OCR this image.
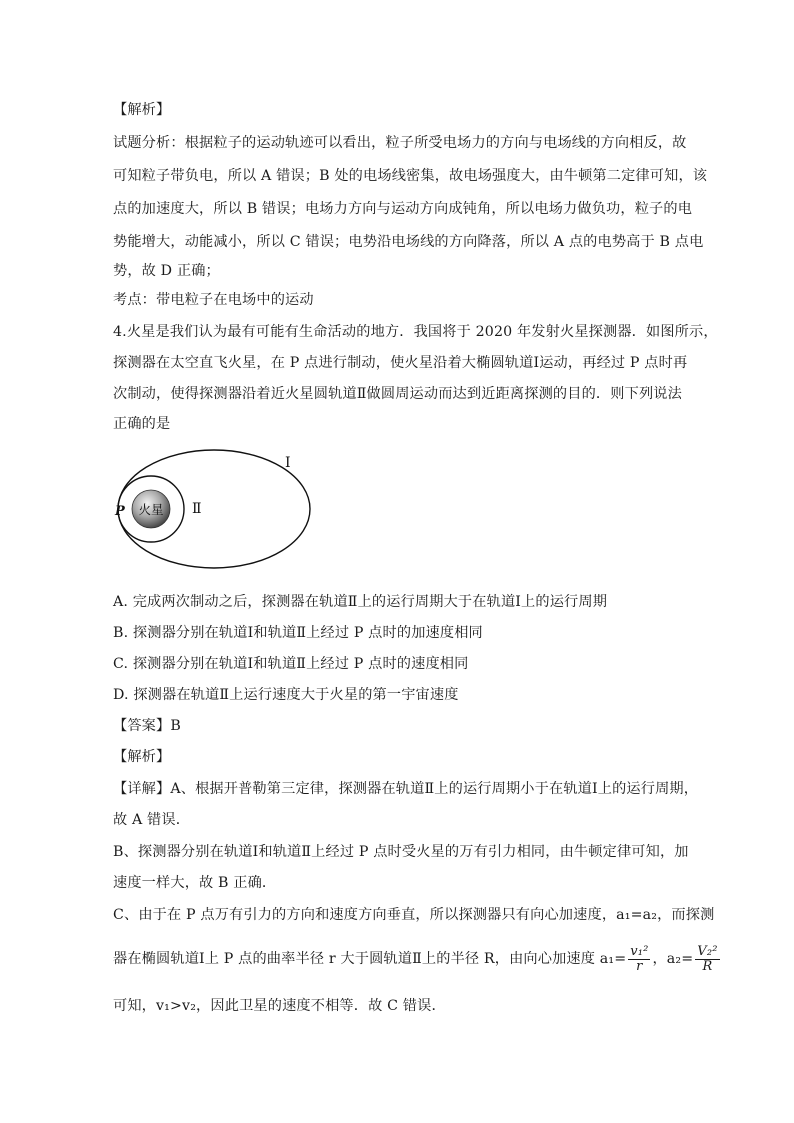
【解析】
试题分析：根据粒子的运动轨迹可以看出，粒子所受电场力的方向与电场线的方向相反，故
可知粒子带负电，所以 A 错误；B 处的电场线密集，故电场强度大，由牛顿第二定律可知，该
点的加速度大，所以 B 错误；电场力方向与运动方向成钝角，所以电场力做负功，粒子的电
势能增大，动能减小，所以 C 错误；电势沿电场线的方向降落，所以 A 点的电势高于 B 点电
势，故 D 正确；
考点：带电粒子在电场中的运动
4.火星是我们认为最有可能有生命活动的地方．我国将于 2020 年发射火星探测器．如图所示，
探测器在太空直飞火星，在 P 点进行制动，使火星沿着大椭圆轨道Ⅰ运动，再经过 P 点时再
次制动，使得探测器沿着近火星圆轨道Ⅱ做圆周运动而达到近距离探测的目的．则下列说法
正确的是
火星
P
Ⅰ
Ⅱ
A. 完成两次制动之后，探测器在轨道Ⅱ上的运行周期大于在轨道Ⅰ上的运行周期
B. 探测器分别在轨道Ⅰ和轨道Ⅱ上经过 P 点时的加速度相同
C. 探测器分别在轨道Ⅰ和轨道Ⅱ上经过 P 点时的速度相同
D. 探测器在轨道Ⅱ上运行速度大于火星的第一宇宙速度
【答案】B
【解析】
【详解】A、根据开普勒第三定律，探测器在轨道Ⅱ上的运行周期小于在轨道Ⅰ上的运行周期，
故 A 错误．
B、探测器分别在轨道Ⅰ和轨道Ⅱ上经过 P 点时受火星的万有引力相同，由牛顿定律可知，加
速度一样大，故 B 正确．
C、由于在 P 点万有引力的方向和速度方向垂直，所以探测器只有向心加速度，a₁=a₂，而探测
器在椭圆轨道Ⅰ上 P 点的曲率半径 r 大于圆轨道Ⅱ上的半径 R，由向心加速度 $a_1= \frac{\text{v₁²}}{r}$ ，$a_2= \frac{\text{V₂²}}{R}$
可知，v₁>v₂，因此卫星的速度不相等．故 C 错误．
